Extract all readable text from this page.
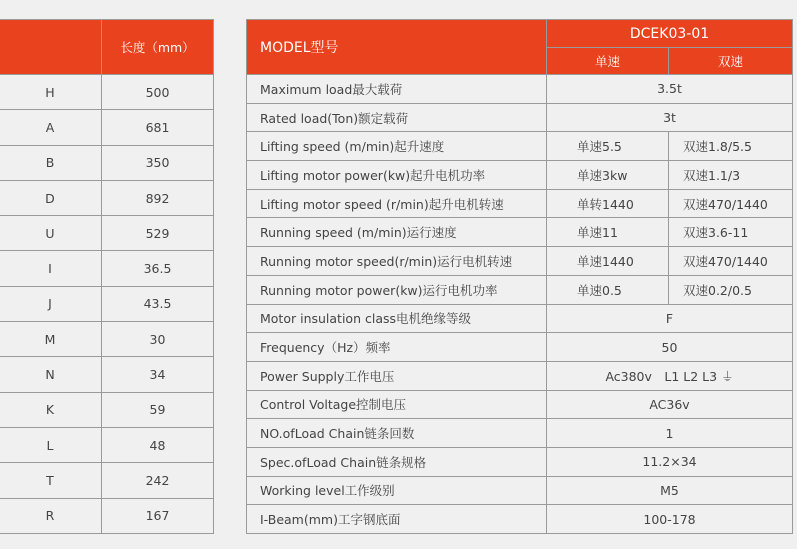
	长度（mm）
H	500
A	681
B	350
D	892
U	529
I	36.5
J	43.5
M	30
N	34
K	59
L	48
T	242
R	167
MODEL型号	DCEK03-01	
	单速	双速
Maximum load最大载荷	3.5t	
Rated load(Ton)额定载荷	3t	
Lifting speed (m/min)起升速度	单速5.5	双速1.8/5.5
Lifting motor power(kw)起升电机功率	单速3kw	双速1.1/3
Lifting motor speed (r/min)起升电机转速	单转1440	双速470/1440
Running speed (m/min)运行速度	单速11	双速3.6-11
Running motor speed(r/min)运行电机转速	单速1440	双速470/1440
Running motor power(kw)运行电机功率	单速0.5	双速0.2/0.5
Motor insulation class电机绝缘等级	F	
Frequency（Hz）频率	50	
Power Supply工作电压	Ac380v　L1 L2 L3 ⏚	
Control Voltage控制电压	AC36v	
NO.ofLoad Chain链条回数	1	
Spec.ofLoad Chain链条规格	11.2×34	
Working level工作级别	M5	
I-Beam(mm)工字钢底面	100-178	
